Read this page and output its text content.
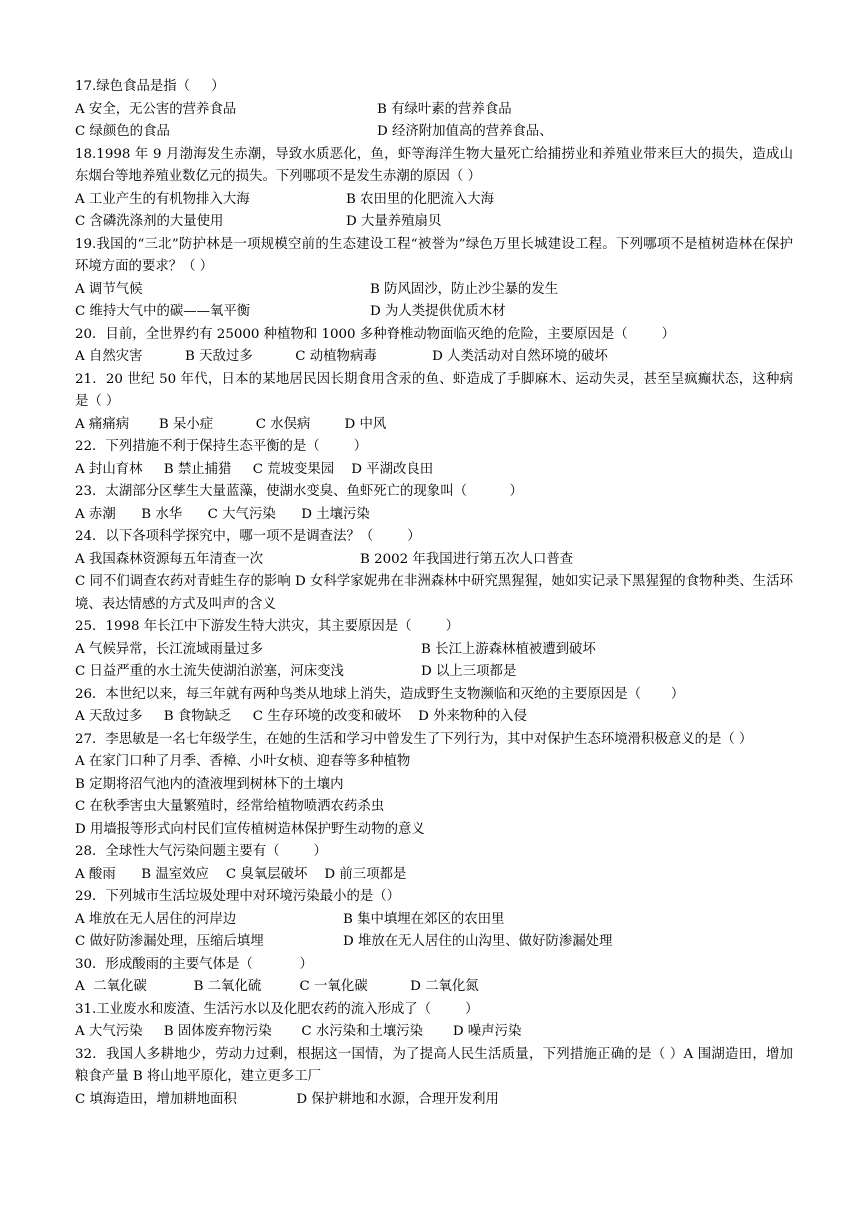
17.绿色食品是指（     ）
A 安全，无公害的营养食品	B 有绿叶素的营养食品
C 绿颜色的食品	D 经济附加值高的营养食品、
18.1998 年 9 月渤海发生赤潮，导致水质恶化，鱼，虾等海洋生物大量死亡给捕捞业和养殖业带来巨大的损失，造成山东烟台等地养殖业数亿元的损失。下列哪项不是发生赤潮的原因（ ）
A 工业产生的有机物排入大海	B 农田里的化肥流入大海
C 含磷洗涤剂的大量使用	D 大量养殖扇贝
19.我国的“三北”防护林是一项规模空前的生态建设工程“被誉为”绿色万里长城建设工程。下列哪项不是植树造林在保护环境方面的要求？（ ）
A 调节气候	B 防风固沙，防止沙尘暴的发生
C 维持大气中的碳——氧平衡	D 为人类提供优质木材
20．目前，全世界约有 25000 种植物和 1000 多种脊椎动物面临灭绝的危险，主要原因是（        ）
A 自然灾害          B 天敌过多          C 动植物病毒             D 人类活动对自然环境的破坏
21．20 世纪 50 年代，日本的某地居民因长期食用含汞的鱼、虾造成了手脚麻木、运动失灵，甚至呈疯癫状态，这种病是（ ）
A 痛痛病       B 呆小症          C 水俣病        D 中风
22．下列措施不利于保持生态平衡的是（        ）
A 封山育林     B 禁止捕猎     C 荒坡变果园    D 平湖改良田
23．太湖部分区孳生大量蓝藻，使湖水变臭、鱼虾死亡的现象叫（          ）
A 赤潮      B 水华      C 大气污染      D 土壤污染
24．以下各项科学探究中，哪一项不是调查法？（        ）
A 我国森林资源每五年清查一次	B 2002 年我国进行第五次人口普查
C 同不们调查农药对青蛙生存的影响 D 女科学家妮弗在非洲森林中研究黑猩猩，她如实记录下黑猩猩的食物种类、生活环境、表达情感的方式及叫声的含义
25．1998 年长江中下游发生特大洪灾，其主要原因是（        ）
A 气候异常，长江流域雨量过多	B 长江上游森林植被遭到破坏
C 日益严重的水土流失使湖泊淤塞，河床变浅	D 以上三项都是
26．本世纪以来，每三年就有两种鸟类从地球上消失，造成野生支物濒临和灭绝的主要原因是（       ）
A 天敌过多     B 食物缺乏     C 生存环境的改变和破坏    D 外来物种的入侵
27．李思敏是一名七年级学生，在她的生活和学习中曾发生了下列行为，其中对保护生态环境滑积极意义的是（ ）
A 在家门口种了月季、香樟、小叶女桢、迎春等多种植物
B 定期将沼气池内的渣液埋到树林下的土壤内
C 在秋季害虫大量繁殖时，经常给植物喷洒农药杀虫
D 用墙报等形式向村民们宣传植树造林保护野生动物的意义
28．全球性大气污染问题主要有（        ）
A 酸雨      B 温室效应    C 臭氧层破坏    D 前三项都是
29．下列城市生活垃圾处理中对环境污染最小的是（）
A 堆放在无人居住的河岸边	B 集中填埋在郊区的农田里
C 做好防渗漏处理，压缩后填埋	D 堆放在无人居住的山沟里、做好防渗漏处理
30．形成酸雨的主要气体是（           ）
A  二氧化碳           B 二氧化硫         C 一氧化碳          D 二氧化氮
31.工业废水和废渣、生活污水以及化肥农药的流入形成了（        ）
A 大气污染     B 固体废弃物污染       C 水污染和土壤污染       D 噪声污染
32．我国人多耕地少，劳动力过剩，根据这一国情，为了提高人民生活质量，下列措施正确的是（ ）A 围湖造田，增加粮食产量 B 将山地平原化，建立更多工厂
C 填海造田，增加耕地面积              D 保护耕地和水源，合理开发利用
